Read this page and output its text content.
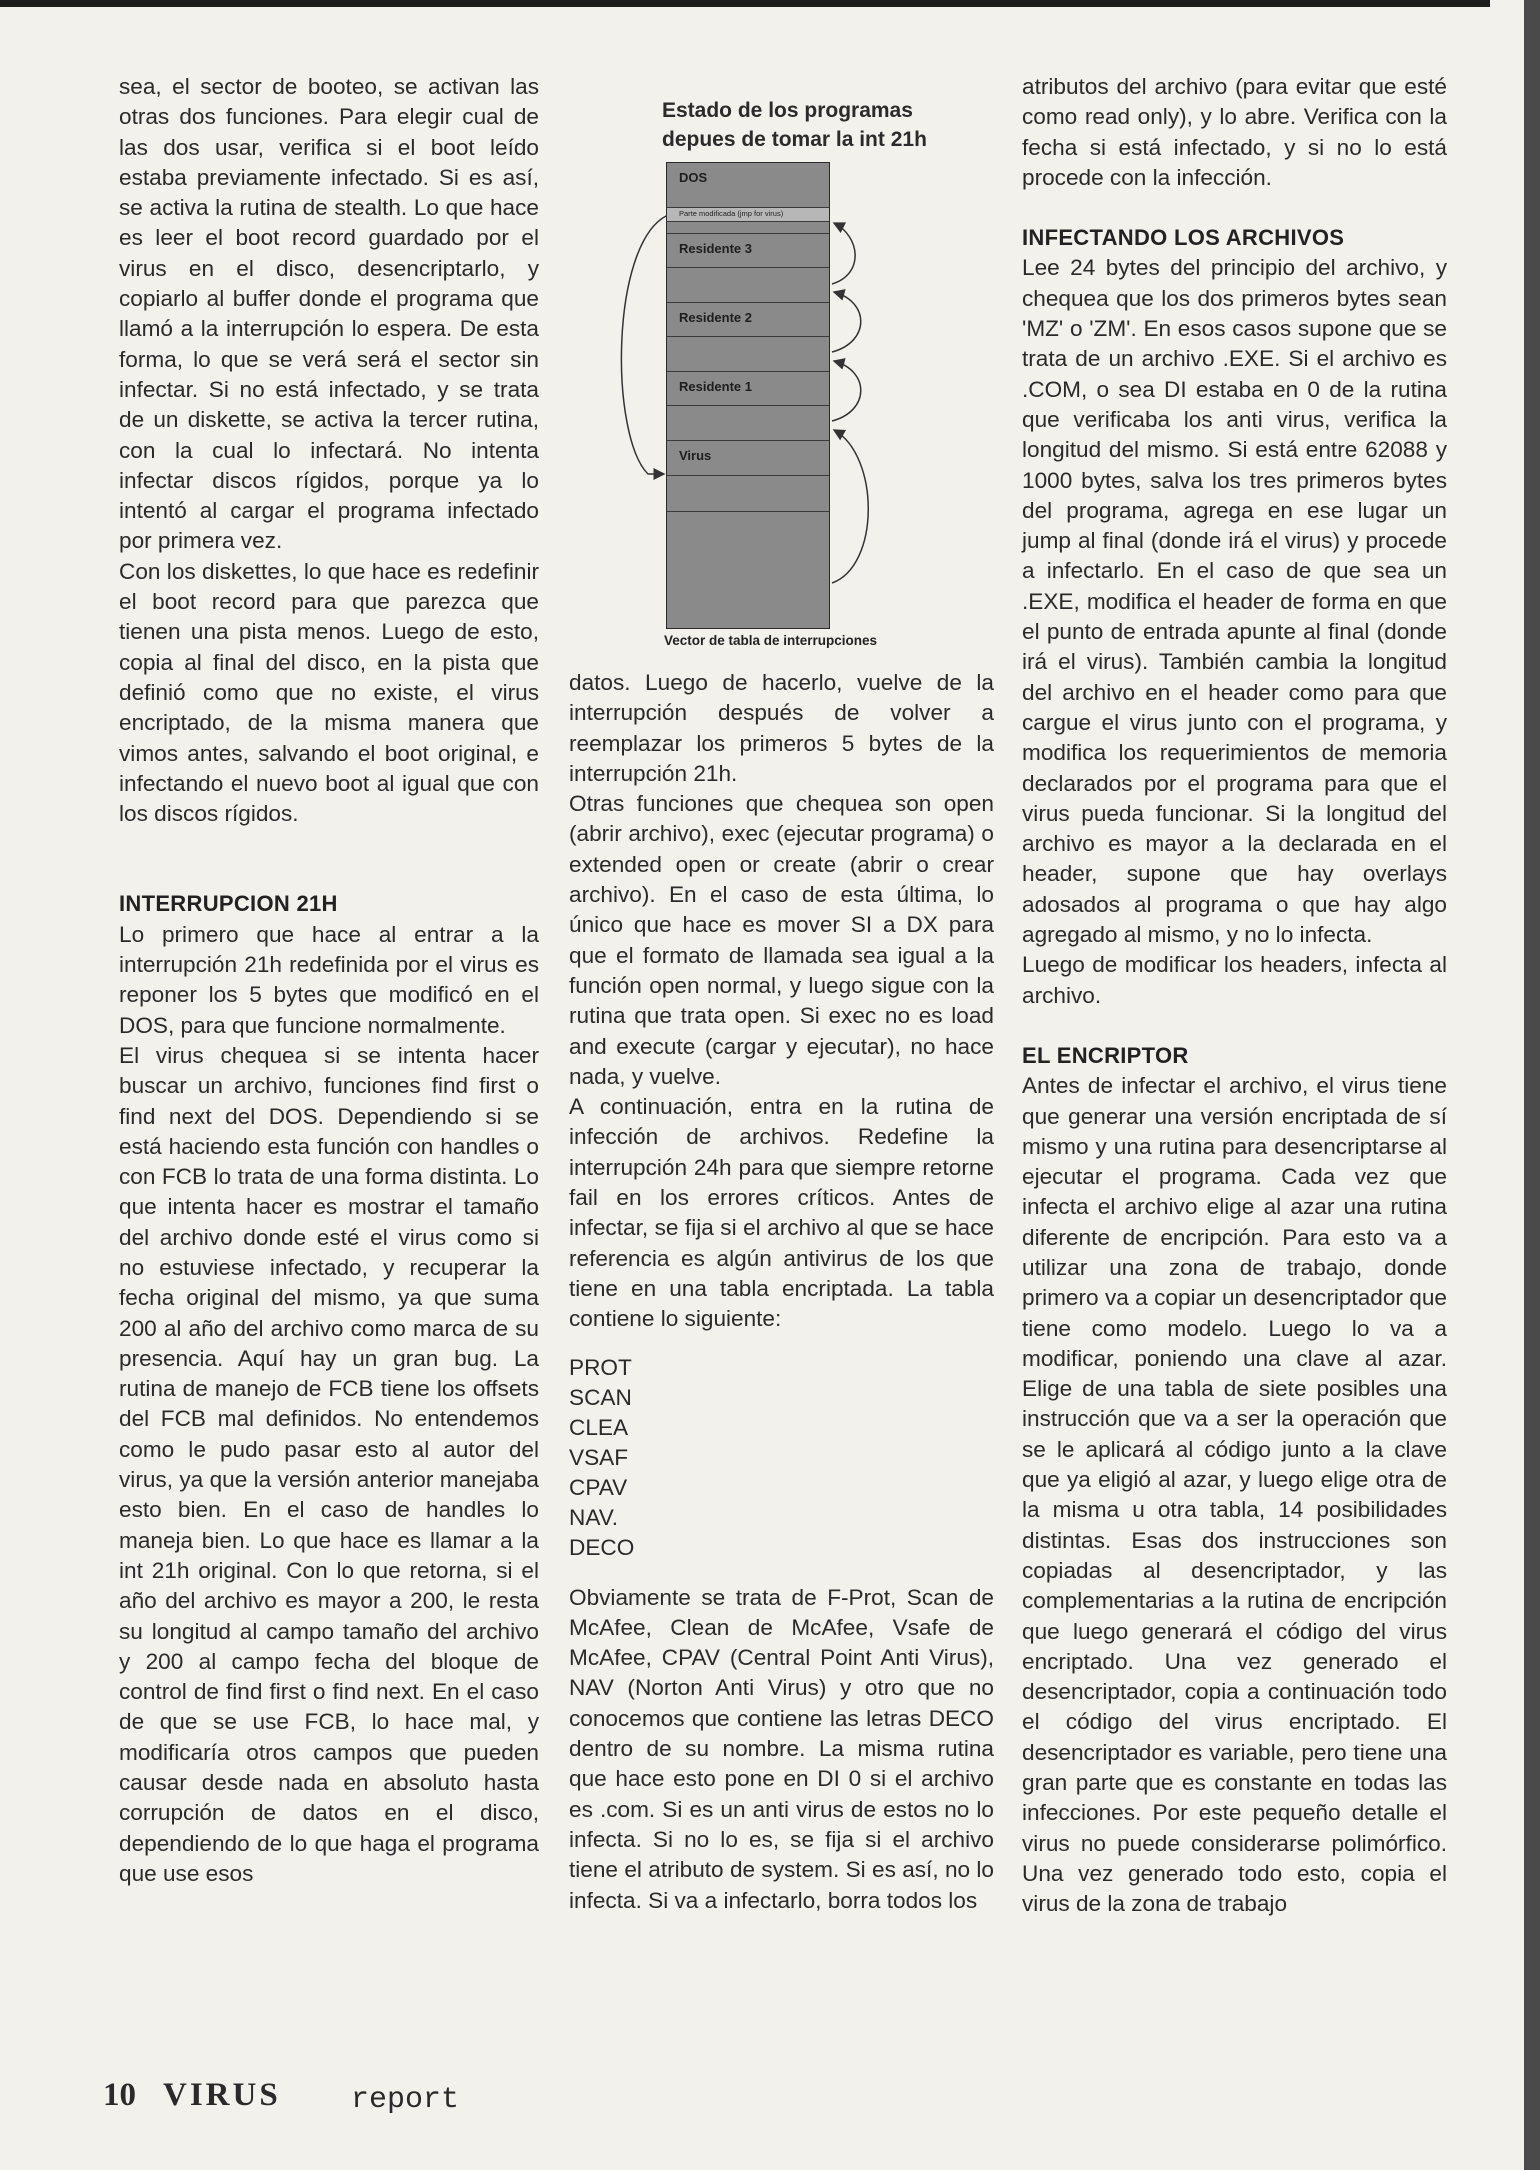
sea, el sector de booteo, se activan las otras dos funciones. Para elegir cual de las dos usar, verifica si el boot leído estaba previamente infectado. Si es así, se activa la rutina de stealth. Lo que hace es leer el boot record guardado por el virus en el disco, desencriptarlo, y copiarlo al buffer donde el programa que llamó a la interrupción lo espera. De esta forma, lo que se verá será el sector sin infectar. Si no está infectado, y se trata de un diskette, se activa la tercer rutina, con la cual lo infectará. No intenta infectar discos rígidos, porque ya lo intentó al cargar el programa infectado por primera vez.

Con los diskettes, lo que hace es redefinir el boot record para que parezca que tienen una pista menos. Luego de esto, copia al final del disco, en la pista que definió como que no existe, el virus encriptado, de la misma manera que vimos antes, salvando el boot original, e infectando el nuevo boot al igual que con los discos rígidos.

INTERRUPCION 21H

Lo primero que hace al entrar a la interrupción 21h redefinida por el virus es reponer los 5 bytes que modificó en el DOS, para que funcione normalmente.

El virus chequea si se intenta hacer buscar un archivo, funciones find first o find next del DOS. Dependiendo si se está haciendo esta función con handles o con FCB lo trata de una forma distinta. Lo que intenta hacer es mostrar el tamaño del archivo donde esté el virus como si no estuviese infectado, y recuperar la fecha original del mismo, ya que suma 200 al año del archivo como marca de su presencia. Aquí hay un gran bug. La rutina de manejo de FCB tiene los offsets del FCB mal definidos. No entendemos como le pudo pasar esto al autor del virus, ya que la versión anterior manejaba esto bien. En el caso de handles lo maneja bien. Lo que hace es llamar a la int 21h original. Con lo que retorna, si el año del archivo es mayor a 200, le resta su longitud al campo tamaño del archivo y 200 al campo fecha del bloque de control de find first o find next. En el caso de que se use FCB, lo hace mal, y modificaría otros campos que pueden causar desde nada en absoluto hasta corrupción de datos en el disco, dependiendo de lo que haga el programa que use esos

Estado de los programas
depues de tomar la int 21h
DOS
Parte modificada (jmp for virus)
Residente 3
Residente 2
Residente 1
Virus
Vector de tabla de interrupciones

datos. Luego de hacerlo, vuelve de la interrupción después de volver a reemplazar los primeros 5 bytes de la interrupción 21h.

Otras funciones que chequea son open (abrir archivo), exec (ejecutar programa) o extended open or create (abrir o crear archivo). En el caso de esta última, lo único que hace es mover SI a DX para que el formato de llamada sea igual a la función open normal, y luego sigue con la rutina que trata open. Si exec no es load and execute (cargar y ejecutar), no hace nada, y vuelve.

A continuación, entra en la rutina de infección de archivos. Redefine la interrupción 24h para que siempre retorne fail en los errores críticos. Antes de infectar, se fija si el archivo al que se hace referencia es algún antivirus de los que tiene en una tabla encriptada. La tabla contiene lo siguiente:

PROT
SCAN
CLEA
VSAF
CPAV
NAV.
DECO

Obviamente se trata de F-Prot, Scan de McAfee, Clean de McAfee, Vsafe de McAfee, CPAV (Central Point Anti Virus), NAV (Norton Anti Virus) y otro que no conocemos que contiene las letras DECO dentro de su nombre. La misma rutina que hace esto pone en DI 0 si el archivo es .com. Si es un anti virus de estos no lo infecta. Si no lo es, se fija si el archivo tiene el atributo de system. Si es así, no lo infecta. Si va a infectarlo, borra todos los

atributos del archivo (para evitar que esté como read only), y lo abre. Verifica con la fecha si está infectado, y si no lo está procede con la infección.

INFECTANDO LOS ARCHIVOS

Lee 24 bytes del principio del archivo, y chequea que los dos primeros bytes sean 'MZ' o 'ZM'. En esos casos supone que se trata de un archivo .EXE. Si el archivo es .COM, o sea DI estaba en 0 de la rutina que verificaba los anti virus, verifica la longitud del mismo. Si está entre 62088 y 1000 bytes, salva los tres primeros bytes del programa, agrega en ese lugar un jump al final (donde irá el virus) y procede a infectarlo. En el caso de que sea un .EXE, modifica el header de forma en que el punto de entrada apunte al final (donde irá el virus). También cambia la longitud del archivo en el header como para que cargue el virus junto con el programa, y modifica los requerimientos de memoria declarados por el programa para que el virus pueda funcionar. Si la longitud del archivo es mayor a la declarada en el header, supone que hay overlays adosados al programa o que hay algo agregado al mismo, y no lo infecta.

Luego de modificar los headers, infecta al archivo.

EL ENCRIPTOR

Antes de infectar el archivo, el virus tiene que generar una versión encriptada de sí mismo y una rutina para desencriptarse al ejecutar el programa. Cada vez que infecta el archivo elige al azar una rutina diferente de encripción. Para esto va a utilizar una zona de trabajo, donde primero va a copiar un desencriptador que tiene como modelo. Luego lo va a modificar, poniendo una clave al azar. Elige de una tabla de siete posibles una instrucción que va a ser la operación que se le aplicará al código junto a la clave que ya eligió al azar, y luego elige otra de la misma u otra tabla, 14 posibilidades distintas. Esas dos instrucciones son copiadas al desencriptador, y las complementarias a la rutina de encripción que luego generará el código del virus encriptado. Una vez generado el desencriptador, copia a continuación todo el código del virus encriptado. El desencriptador es variable, pero tiene una gran parte que es constante en todas las infecciones. Por este pequeño detalle el virus no puede considerarse polimórfico. Una vez generado todo esto, copia el virus de la zona de trabajo

10 VIRUS report
